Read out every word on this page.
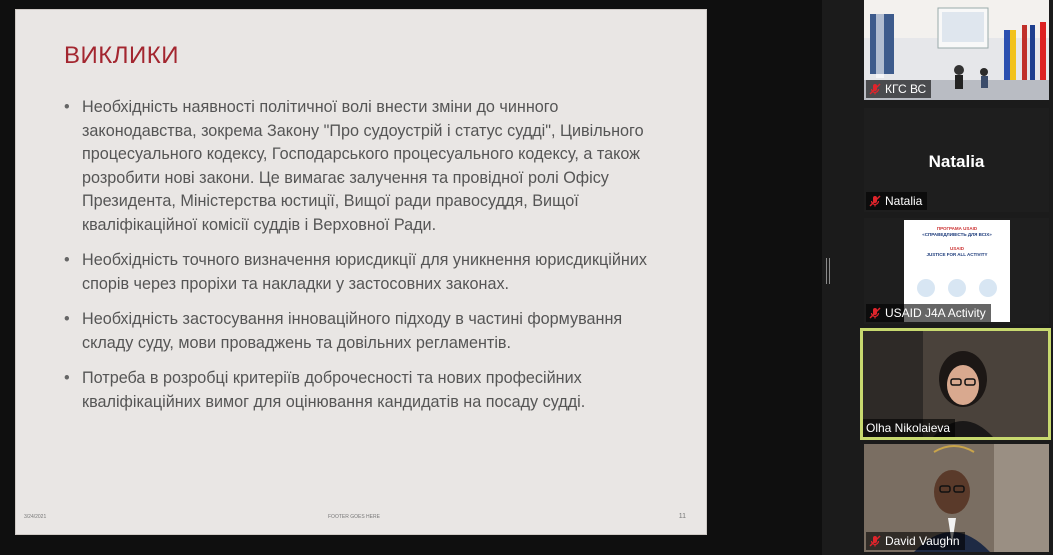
ВИКЛИКИ
• Необхідність наявності політичної волі внести зміни до чинного законодавства, зокрема Закону "Про судоустрій і статус судді", Цивільного процесуального кодексу, Господарського процесуального кодексу, а також розробити нові закони. Це вимагає залучення та провідної ролі Офісу Президента, Міністерства юстиції, Вищої ради правосуддя, Вищої кваліфікаційної комісії суддів і Верховної Ради.
• Необхідність точного визначення юрисдикції для уникнення юрисдикційних спорів через проріхи та накладки у застосовних законах.
• Необхідність застосування інноваційного підходу в частині формування складу суду, мови проваджень та довільних регламентів.
• Потреба в розробці критеріїв доброчесності та нових професійних кваліфікаційних вимог для оцінювання кандидатів на посаду судді.
3/24/2021	FOOTER GOES HERE	11
КГС ВС
Natalia
Natalia
ПРОГРАМА USAID
«СПРАВЕДЛИВІСТЬ ДЛЯ ВСІХ»
USAID
JUSTICE FOR ALL ACTIVITY
USAID J4A Activity
Olha Nikolaieva
David Vaughn
